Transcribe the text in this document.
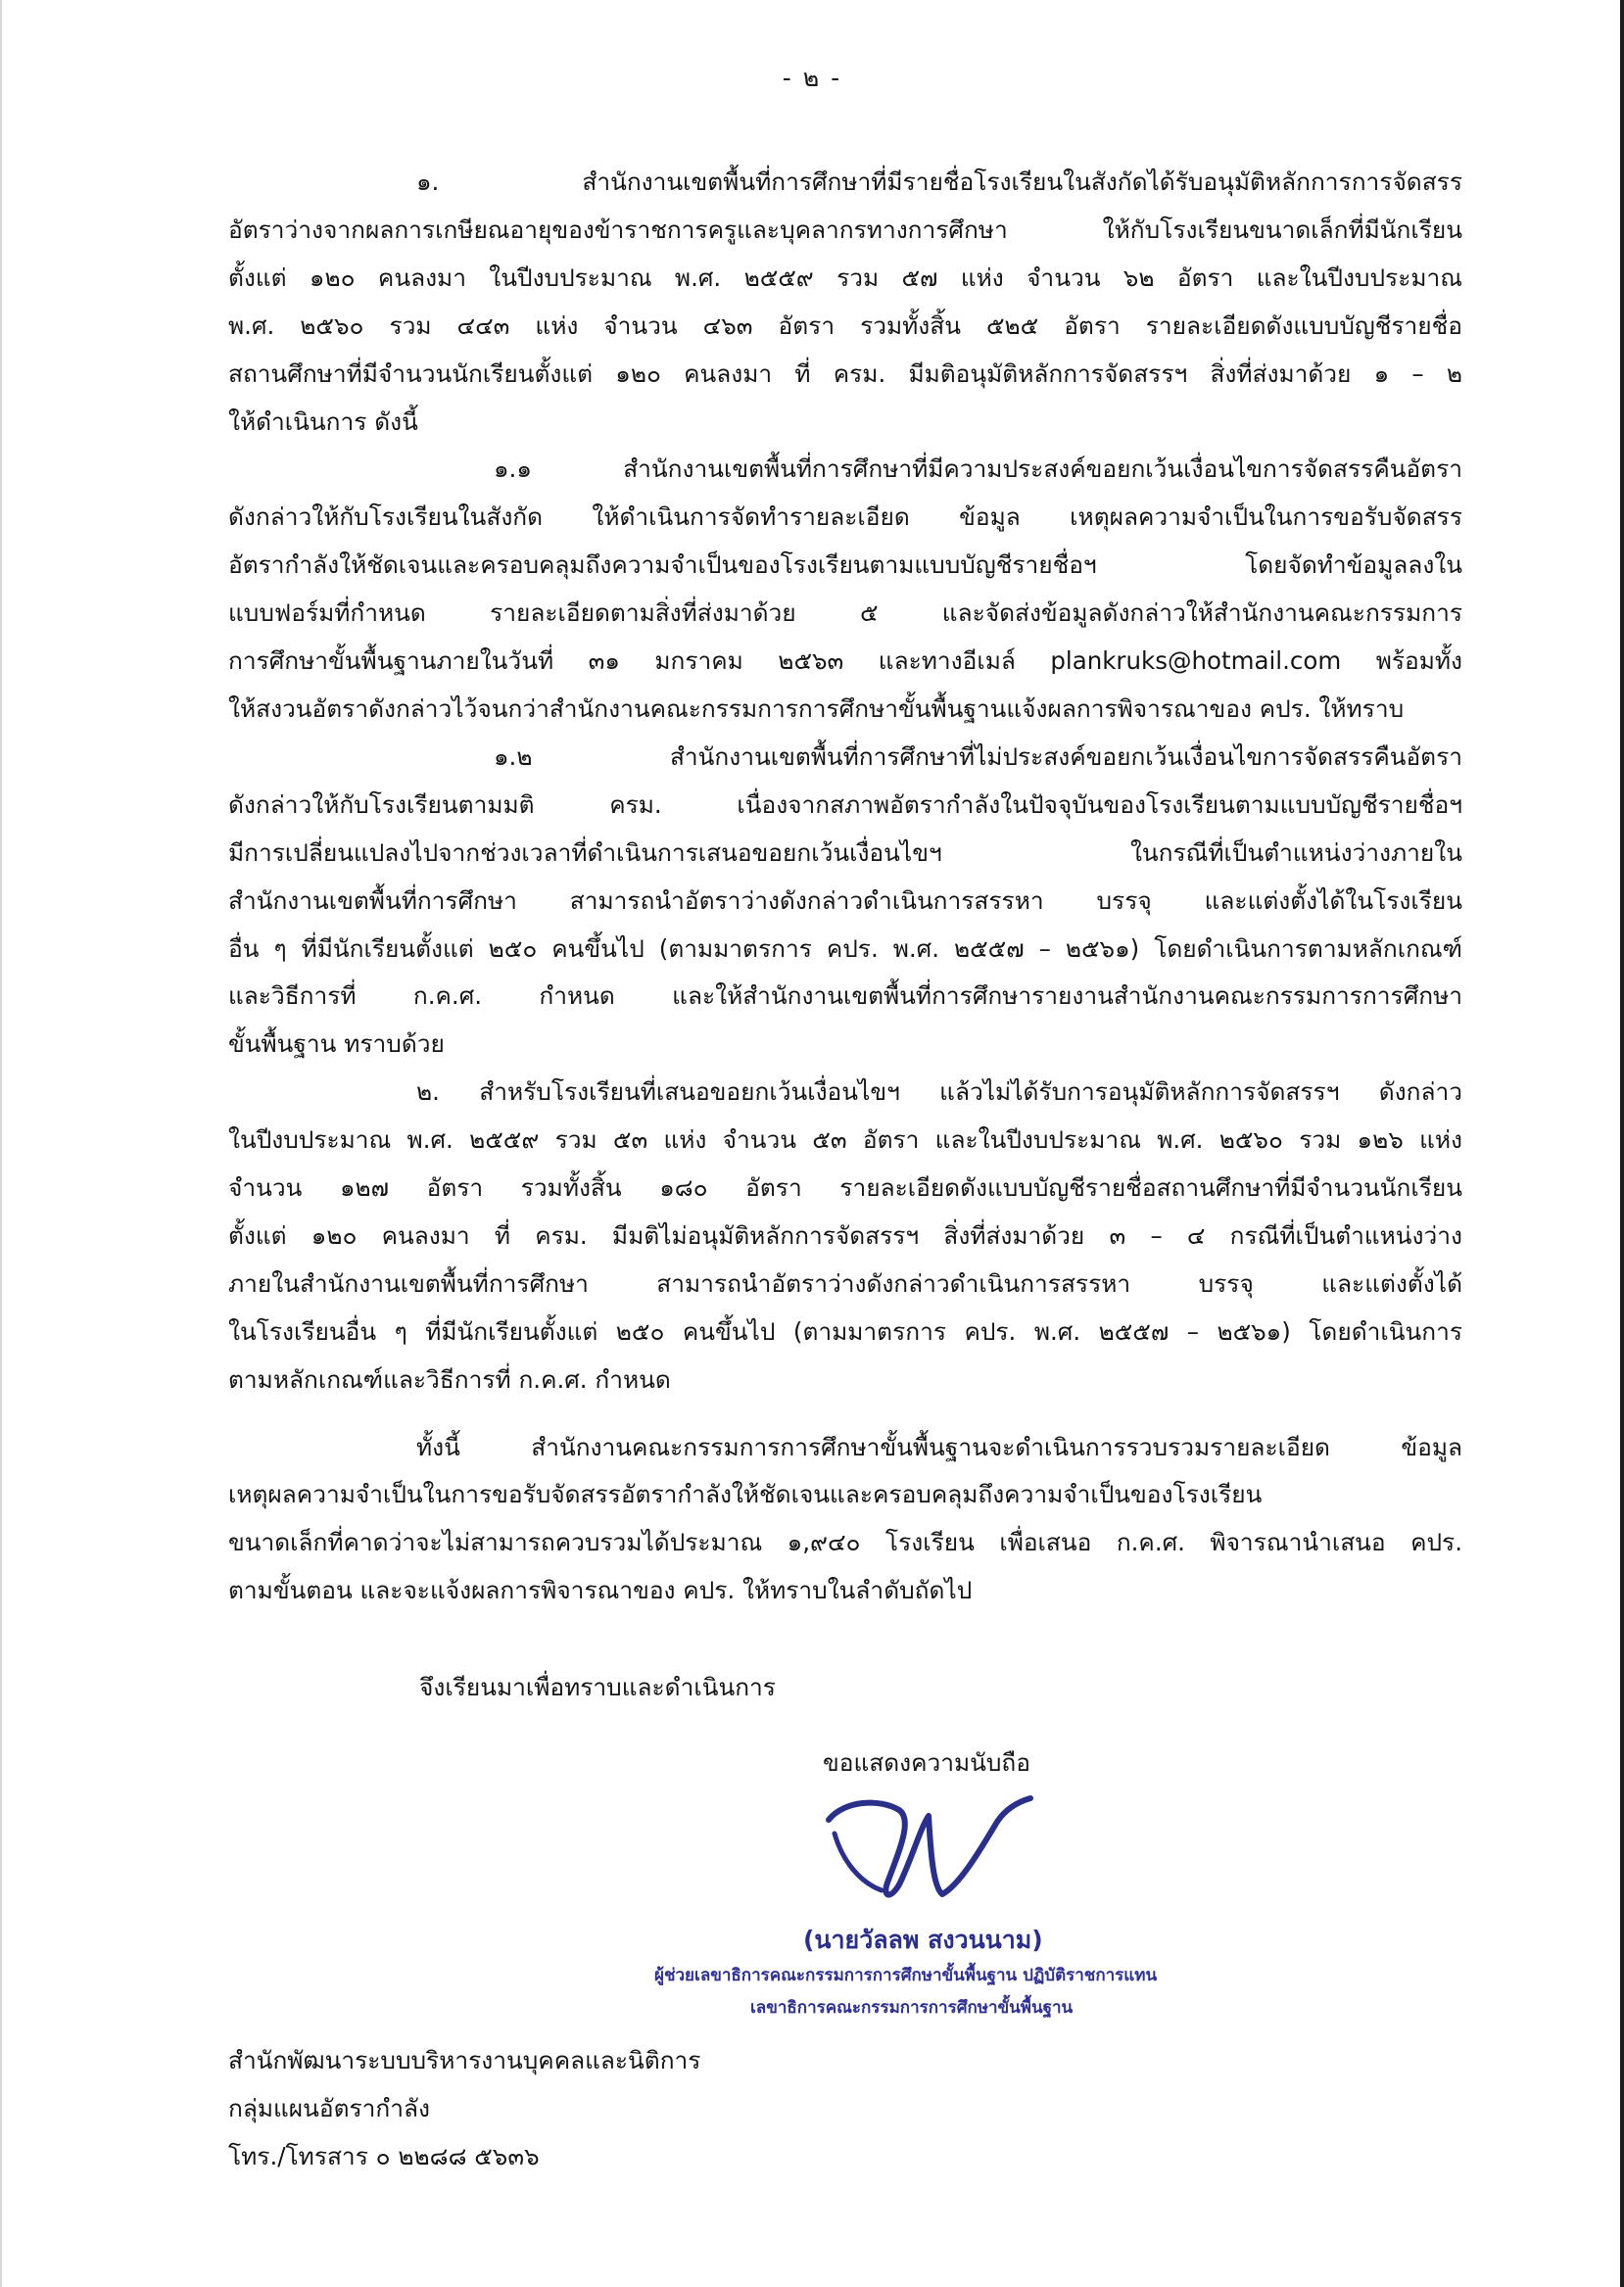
- ๒ -
๑. สำนักงานเขตพื้นที่การศึกษาที่มีรายชื่อโรงเรียนในสังกัดได้รับอนุมัติหลักการการจัดสรร
อัตราว่างจากผลการเกษียณอายุของข้าราชการครูและบุคลากรทางการศึกษา ให้กับโรงเรียนขนาดเล็กที่มีนักเรียน
ตั้งแต่ ๑๒๐ คนลงมา ในปีงบประมาณ พ.ศ. ๒๕๕๙ รวม ๕๗ แห่ง จำนวน ๖๒ อัตรา และในปีงบประมาณ
พ.ศ. ๒๕๖๐ รวม ๔๔๓ แห่ง จำนวน ๔๖๓ อัตรา รวมทั้งสิ้น ๕๒๕ อัตรา รายละเอียดดังแบบบัญชีรายชื่อ
สถานศึกษาที่มีจำนวนนักเรียนตั้งแต่ ๑๒๐ คนลงมา ที่ ครม. มีมติอนุมัติหลักการจัดสรรฯ สิ่งที่ส่งมาด้วย ๑ – ๒
ให้ดำเนินการ ดังนี้
๑.๑ สำนักงานเขตพื้นที่การศึกษาที่มีความประสงค์ขอยกเว้นเงื่อนไขการจัดสรรคืนอัตรา
ดังกล่าวให้กับโรงเรียนในสังกัด ให้ดำเนินการจัดทำรายละเอียด ข้อมูล เหตุผลความจำเป็นในการขอรับจัดสรร
อัตรากำลังให้ชัดเจนและครอบคลุมถึงความจำเป็นของโรงเรียนตามแบบบัญชีรายชื่อฯ โดยจัดทำข้อมูลลงใน
แบบฟอร์มที่กำหนด รายละเอียดตามสิ่งที่ส่งมาด้วย ๕ และจัดส่งข้อมูลดังกล่าวให้สำนักงานคณะกรรมการ
การศึกษาขั้นพื้นฐานภายในวันที่ ๓๑ มกราคม ๒๕๖๓ และทางอีเมล์ plankruks@hotmail.com พร้อมทั้ง
ให้สงวนอัตราดังกล่าวไว้จนกว่าสำนักงานคณะกรรมการการศึกษาขั้นพื้นฐานแจ้งผลการพิจารณาของ คปร. ให้ทราบ
๑.๒ สำนักงานเขตพื้นที่การศึกษาที่ไม่ประสงค์ขอยกเว้นเงื่อนไขการจัดสรรคืนอัตรา
ดังกล่าวให้กับโรงเรียนตามมติ ครม. เนื่องจากสภาพอัตรากำลังในปัจจุบันของโรงเรียนตามแบบบัญชีรายชื่อฯ
มีการเปลี่ยนแปลงไปจากช่วงเวลาที่ดำเนินการเสนอขอยกเว้นเงื่อนไขฯ ในกรณีที่เป็นตำแหน่งว่างภายใน
สำนักงานเขตพื้นที่การศึกษา สามารถนำอัตราว่างดังกล่าวดำเนินการสรรหา บรรจุ และแต่งตั้งได้ในโรงเรียน
อื่น ๆ ที่มีนักเรียนตั้งแต่ ๒๕๐ คนขึ้นไป (ตามมาตรการ คปร. พ.ศ. ๒๕๕๗ – ๒๕๖๑) โดยดำเนินการตามหลักเกณฑ์
และวิธีการที่ ก.ค.ศ. กำหนด และให้สำนักงานเขตพื้นที่การศึกษารายงานสำนักงานคณะกรรมการการศึกษา
ขั้นพื้นฐาน ทราบด้วย
๒. สำหรับโรงเรียนที่เสนอขอยกเว้นเงื่อนไขฯ แล้วไม่ได้รับการอนุมัติหลักการจัดสรรฯ ดังกล่าว
ในปีงบประมาณ พ.ศ. ๒๕๕๙ รวม ๕๓ แห่ง จำนวน ๕๓ อัตรา และในปีงบประมาณ พ.ศ. ๒๕๖๐ รวม ๑๒๖ แห่ง
จำนวน ๑๒๗ อัตรา รวมทั้งสิ้น ๑๘๐ อัตรา รายละเอียดดังแบบบัญชีรายชื่อสถานศึกษาที่มีจำนวนนักเรียน
ตั้งแต่ ๑๒๐ คนลงมา ที่ ครม. มีมติไม่อนุมัติหลักการจัดสรรฯ สิ่งที่ส่งมาด้วย ๓ – ๔ กรณีที่เป็นตำแหน่งว่าง
ภายในสำนักงานเขตพื้นที่การศึกษา สามารถนำอัตราว่างดังกล่าวดำเนินการสรรหา บรรจุ และแต่งตั้งได้
ในโรงเรียนอื่น ๆ ที่มีนักเรียนตั้งแต่ ๒๕๐ คนขึ้นไป (ตามมาตรการ คปร. พ.ศ. ๒๕๕๗ – ๒๕๖๑) โดยดำเนินการ
ตามหลักเกณฑ์และวิธีการที่ ก.ค.ศ. กำหนด
ทั้งนี้ สำนักงานคณะกรรมการการศึกษาขั้นพื้นฐานจะดำเนินการรวบรวมรายละเอียด ข้อมูล
เหตุผลความจำเป็นในการขอรับจัดสรรอัตรากำลังให้ชัดเจนและครอบคลุมถึงความจำเป็นของโรงเรียน
ขนาดเล็กที่คาดว่าจะไม่สามารถควบรวมได้ประมาณ ๑,๙๔๐ โรงเรียน เพื่อเสนอ ก.ค.ศ. พิจารณานำเสนอ คปร.
ตามขั้นตอน และจะแจ้งผลการพิจารณาของ คปร. ให้ทราบในลำดับถัดไป
จึงเรียนมาเพื่อทราบและดำเนินการ
ขอแสดงความนับถือ
(นายวัลลพ สงวนนาม)
ผู้ช่วยเลขาธิการคณะกรรมการการศึกษาขั้นพื้นฐาน ปฏิบัติราชการแทน
เลขาธิการคณะกรรมการการศึกษาขั้นพื้นฐาน
สำนักพัฒนาระบบบริหารงานบุคคลและนิติการ
กลุ่มแผนอัตรากำลัง
โทร./โทรสาร ๐ ๒๒๘๘ ๕๖๓๖
